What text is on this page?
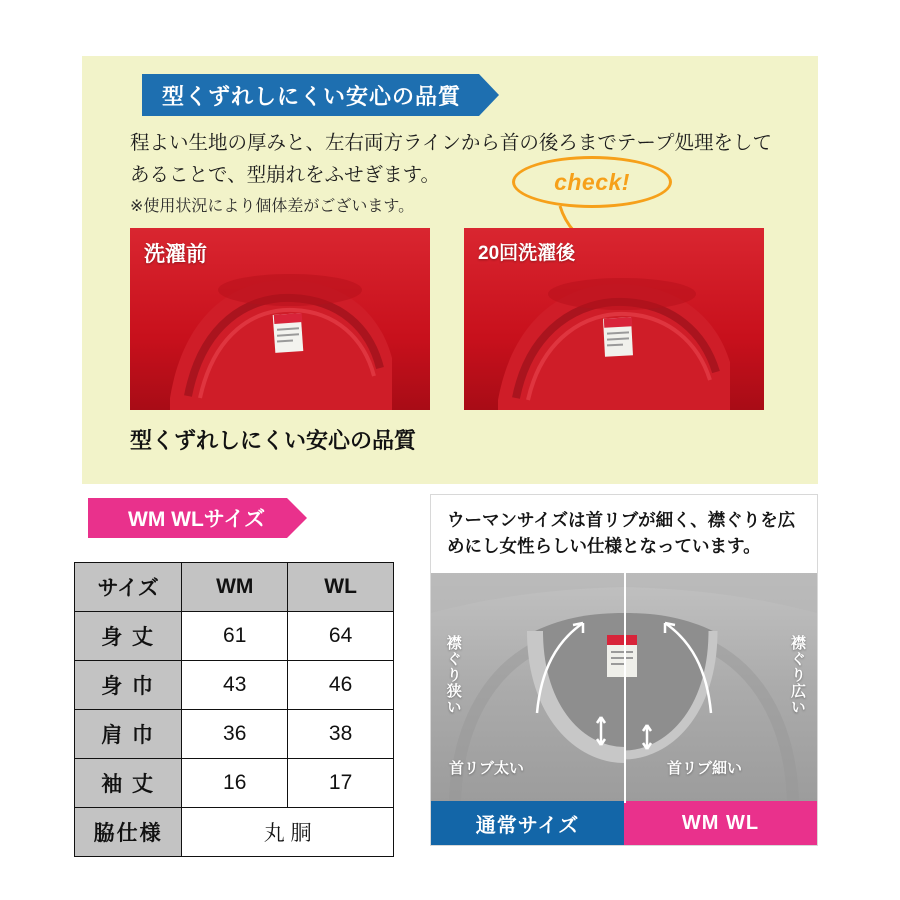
型くずれしにくい安心の品質
程よい生地の厚みと、左右両方ラインから首の後ろまでテープ処理をしてあることで、型崩れをふせぎます。
※使用状況により個体差がございます。
check!
洗濯前	20回洗濯後
型くずれしにくい安心の品質
WM WLサイズ
サイズ	WM	WL
身 丈	61	64
身 巾	43	46
肩 巾	36	38
袖 丈	16	17
脇仕様	丸 胴	
ウーマンサイズは首リブが細く、襟ぐりを広めにし女性らしい仕様となっています。
襟ぐり狭い	襟ぐり広い
首リブ太い	首リブ細い
通常サイズ	WM WL
